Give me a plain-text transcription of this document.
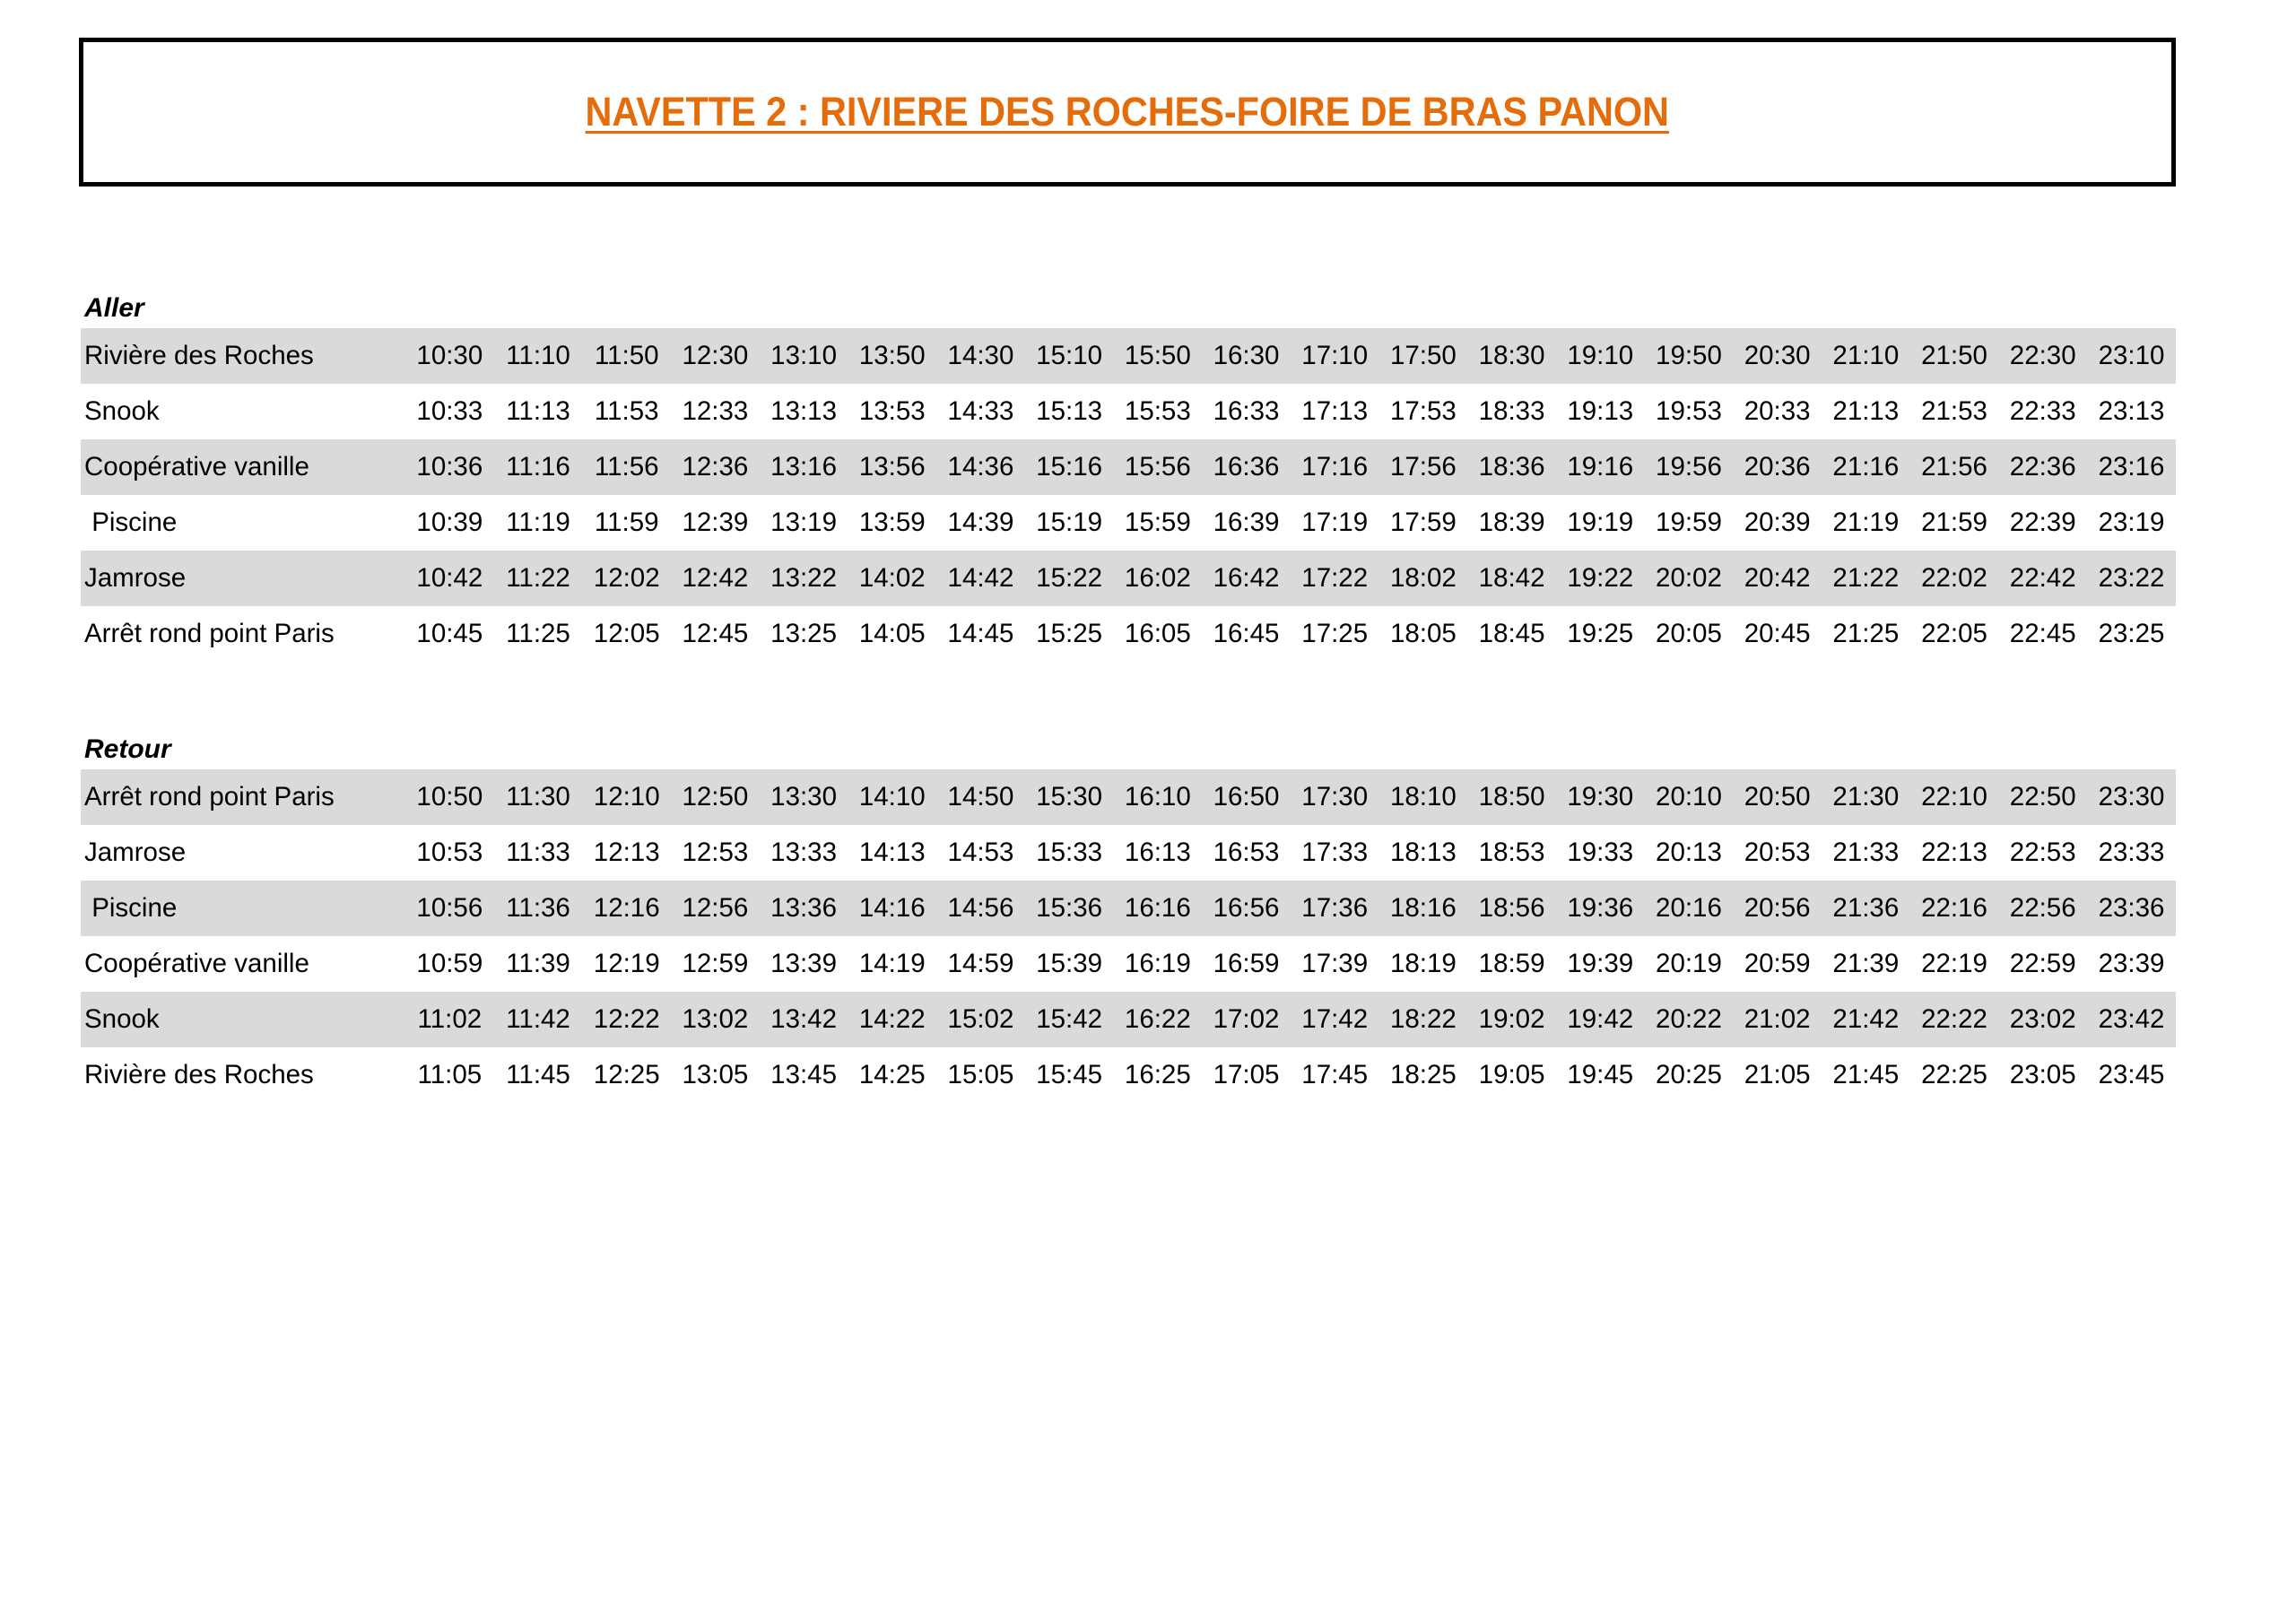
NAVETTE 2 : RIVIERE DES ROCHES-FOIRE DE BRAS PANON
Aller
Rivière des Roches	10:30	11:10	11:50	12:30	13:10	13:50	14:30	15:10	15:50	16:30	17:10	17:50	18:30	19:10	19:50	20:30	21:10	21:50	22:30	23:10
Snook	10:33	11:13	11:53	12:33	13:13	13:53	14:33	15:13	15:53	16:33	17:13	17:53	18:33	19:13	19:53	20:33	21:13	21:53	22:33	23:13
Coopérative vanille	10:36	11:16	11:56	12:36	13:16	13:56	14:36	15:16	15:56	16:36	17:16	17:56	18:36	19:16	19:56	20:36	21:16	21:56	22:36	23:16
Piscine	10:39	11:19	11:59	12:39	13:19	13:59	14:39	15:19	15:59	16:39	17:19	17:59	18:39	19:19	19:59	20:39	21:19	21:59	22:39	23:19
Jamrose	10:42	11:22	12:02	12:42	13:22	14:02	14:42	15:22	16:02	16:42	17:22	18:02	18:42	19:22	20:02	20:42	21:22	22:02	22:42	23:22
Arrêt rond point Paris	10:45	11:25	12:05	12:45	13:25	14:05	14:45	15:25	16:05	16:45	17:25	18:05	18:45	19:25	20:05	20:45	21:25	22:05	22:45	23:25
Retour
Arrêt rond point Paris	10:50	11:30	12:10	12:50	13:30	14:10	14:50	15:30	16:10	16:50	17:30	18:10	18:50	19:30	20:10	20:50	21:30	22:10	22:50	23:30
Jamrose	10:53	11:33	12:13	12:53	13:33	14:13	14:53	15:33	16:13	16:53	17:33	18:13	18:53	19:33	20:13	20:53	21:33	22:13	22:53	23:33
Piscine	10:56	11:36	12:16	12:56	13:36	14:16	14:56	15:36	16:16	16:56	17:36	18:16	18:56	19:36	20:16	20:56	21:36	22:16	22:56	23:36
Coopérative vanille	10:59	11:39	12:19	12:59	13:39	14:19	14:59	15:39	16:19	16:59	17:39	18:19	18:59	19:39	20:19	20:59	21:39	22:19	22:59	23:39
Snook	11:02	11:42	12:22	13:02	13:42	14:22	15:02	15:42	16:22	17:02	17:42	18:22	19:02	19:42	20:22	21:02	21:42	22:22	23:02	23:42
Rivière des Roches	11:05	11:45	12:25	13:05	13:45	14:25	15:05	15:45	16:25	17:05	17:45	18:25	19:05	19:45	20:25	21:05	21:45	22:25	23:05	23:45
